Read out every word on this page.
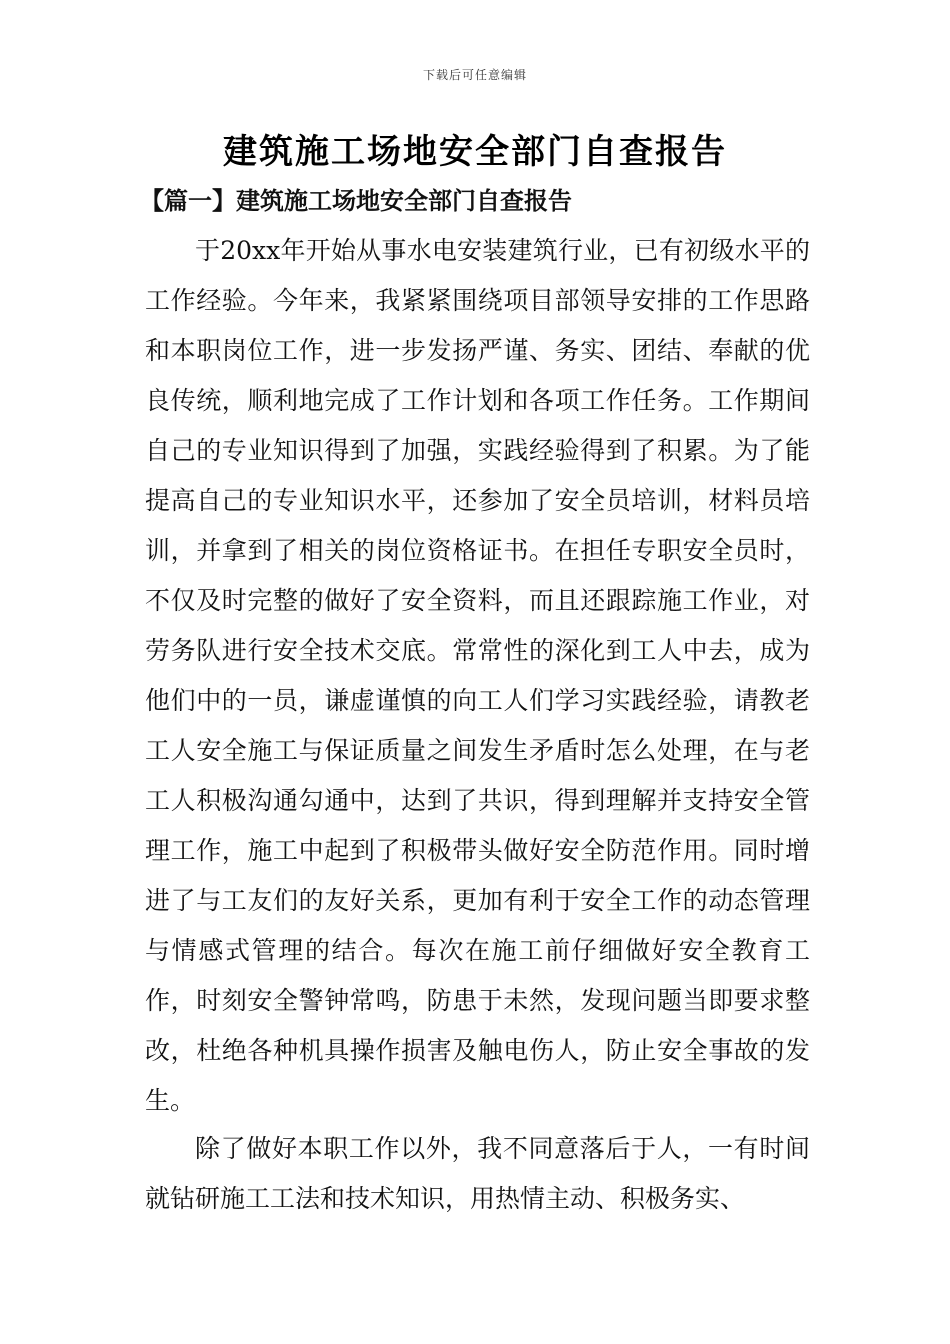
下载后可任意编辑
建筑施工场地安全部门自查报告
【篇一】建筑施工场地安全部门自查报告

于20xx年开始从事水电安装建筑行业，已有初级水平的工作经验。今年来，我紧紧围绕项目部领导安排的工作思路和本职岗位工作，进一步发扬严谨、务实、团结、奉献的优良传统，顺利地完成了工作计划和各项工作任务。工作期间自己的专业知识得到了加强，实践经验得到了积累。为了能提高自己的专业知识水平，还参加了安全员培训，材料员培训，并拿到了相关的岗位资格证书。在担任专职安全员时，不仅及时完整的做好了安全资料，而且还跟踪施工作业，对劳务队进行安全技术交底。常常性的深化到工人中去，成为他们中的一员，谦虚谨慎的向工人们学习实践经验，请教老工人安全施工与保证质量之间发生矛盾时怎么处理，在与老工人积极沟通勾通中，达到了共识，得到理解并支持安全管理工作，施工中起到了积极带头做好安全防范作用。同时增进了与工友们的友好关系，更加有利于安全工作的动态管理与情感式管理的结合。每次在施工前仔细做好安全教育工作，时刻安全警钟常鸣，防患于未然，发现问题当即要求整改，杜绝各种机具操作损害及触电伤人，防止安全事故的发生。

除了做好本职工作以外，我不同意落后于人，一有时间就钻研施工工法和技术知识，用热情主动、积极务实、
